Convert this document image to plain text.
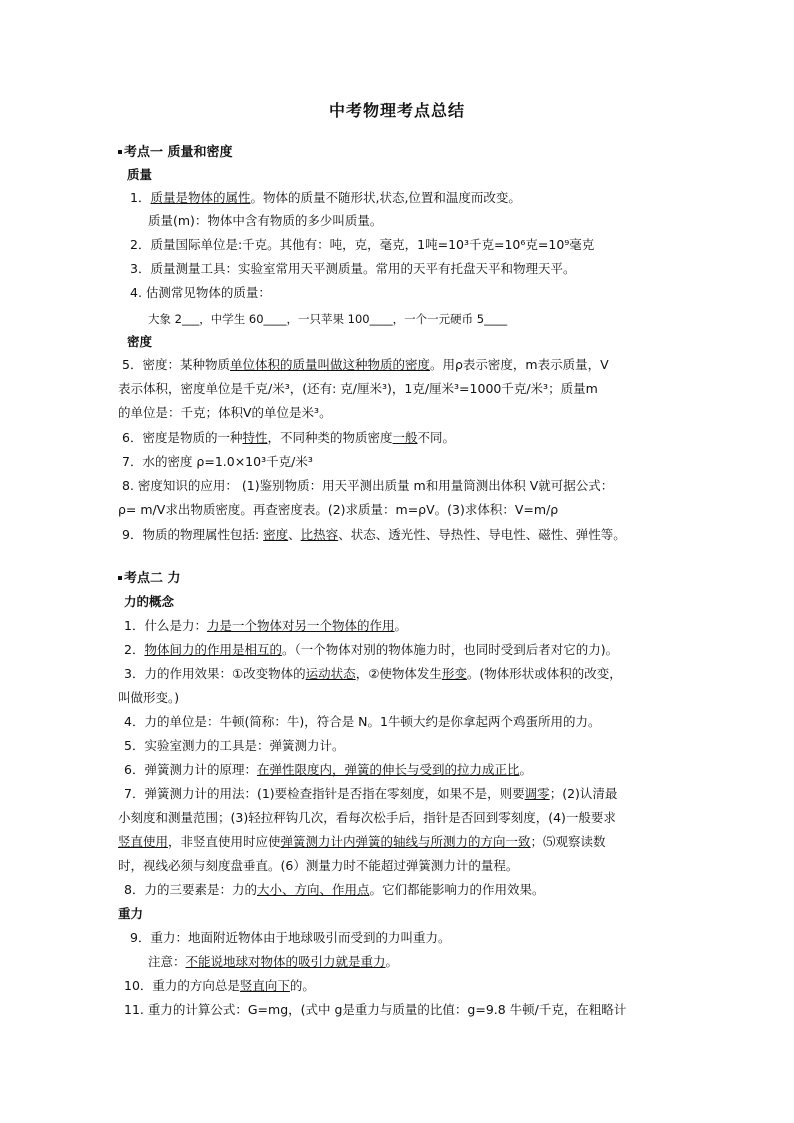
中考物理考点总结
考点一 质量和密度
质量
1．质量是物体的属性。物体的质量不随形状,状态,位置和温度而改变。
质量(m)：物体中含有物质的多少叫质量。
2．质量国际单位是:千克。其他有：吨，克，毫克，1吨=10³千克=10⁶克=10⁹毫克
3．质量测量工具：实验室常用天平测质量。常用的天平有托盘天平和物理天平。
4. 估测常见物体的质量：
大象 2___，中学生 60____，一只苹果 100____，一个一元硬币 5____
密度
5．密度：某种物质单位体积的质量叫做这种物质的密度。用ρ表示密度，m表示质量，V
表示体积，密度单位是千克/米³，(还有: 克/厘米³)，1克/厘米³=1000千克/米³；质量m
的单位是：千克；体积V的单位是米³。
6．密度是物质的一种特性，不同种类的物质密度一般不同。
7．水的密度 ρ=1.0×10³千克/米³
8. 密度知识的应用： (1)鉴别物质：用天平测出质量 m和用量筒测出体积 V就可据公式：
ρ= m/V求出物质密度。再查密度表。(2)求质量：m=ρV。(3)求体积：V=m/ρ
9．物质的物理属性包括: 密度、比热容、状态、透光性、导热性、导电性、磁性、弹性等。
考点二 力
力的概念
1．什么是力：力是一个物体对另一个物体的作用。
2．物体间力的作用是相互的。（一个物体对别的物体施力时，也同时受到后者对它的力)。
3．力的作用效果：①改变物体的运动状态，②使物体发生形变。(物体形状或体积的改变，
叫做形变。)
4．力的单位是：牛顿(简称：牛)，符合是 N。1牛顿大约是你拿起两个鸡蛋所用的力。
5．实验室测力的工具是：弹簧测力计。
6．弹簧测力计的原理：在弹性限度内，弹簧的伸长与受到的拉力成正比。
7．弹簧测力计的用法：(1)要检查指针是否指在零刻度，如果不是，则要调零；(2)认清最
小刻度和测量范围；(3)轻拉秤钩几次，看每次松手后，指针是否回到零刻度，(4)一般要求
竖直使用，非竖直使用时应使弹簧测力计内弹簧的轴线与所测力的方向一致；⑸观察读数
时，视线必须与刻度盘垂直。(6）测量力时不能超过弹簧测力计的量程。
8．力的三要素是：力的大小、方向、作用点。它们都能影响力的作用效果。
重力
9．重力：地面附近物体由于地球吸引而受到的力叫重力。
注意：不能说地球对物体的吸引力就是重力。
10．重力的方向总是竖直向下的。
11. 重力的计算公式：G=mg，(式中 g是重力与质量的比值：g=9.8 牛顿/千克，在粗略计
